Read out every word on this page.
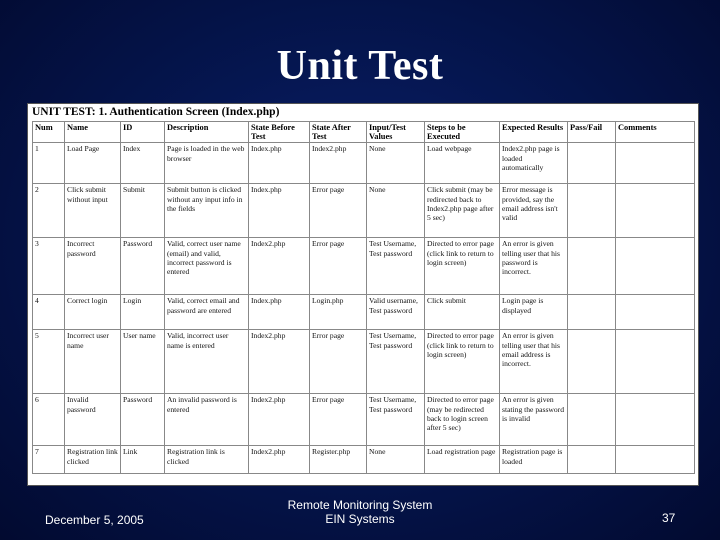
Unit Test
UNIT TEST: 1. Authentication Screen (Index.php)
Num	Name	ID	Description	State Before Test	State After Test	Input/Test Values	Steps to be Executed	Expected Results	Pass/Fail	Comments
1	Load Page	Index	Page is loaded in the web browser	Index.php	Index2.php	None	Load webpage	Index2.php page is loaded automatically		
2	Click submit without input	Submit	Submit button is clicked without any input info in the fields	Index.php	Error page	None	Click submit (may be redirected back to Index2.php page after 5 sec)	Error message is provided, say the email address isn't valid		
3	Incorrect password	Password	Valid, correct user name (email) and valid, incorrect password is entered	Index2.php	Error page	Test Username, Test password	Directed to error page (click link to return to login screen)	An error is given telling user that his password is incorrect.		
4	Correct login	Login	Valid, correct email and password are entered	Index.php	Login.php	Valid username, Test password	Click submit	Login page is displayed		
5	Incorrect user name	User name	Valid, incorrect user name is entered	Index2.php	Error page	Test Username, Test password	Directed to error page (click link to return to login screen)	An error is given telling user that his email address is incorrect.		
6	Invalid password	Password	An invalid password is entered	Index2.php	Error page	Test Username, Test password	Directed to error page (may be redirected back to login screen after 5 sec)	An error is given stating the password is invalid		
7	Registration link clicked	Link	Registration link is clicked	Index2.php	Register.php	None	Load registration page	Registration page is loaded		
December 5, 2005
Remote Monitoring System
EIN Systems	37
